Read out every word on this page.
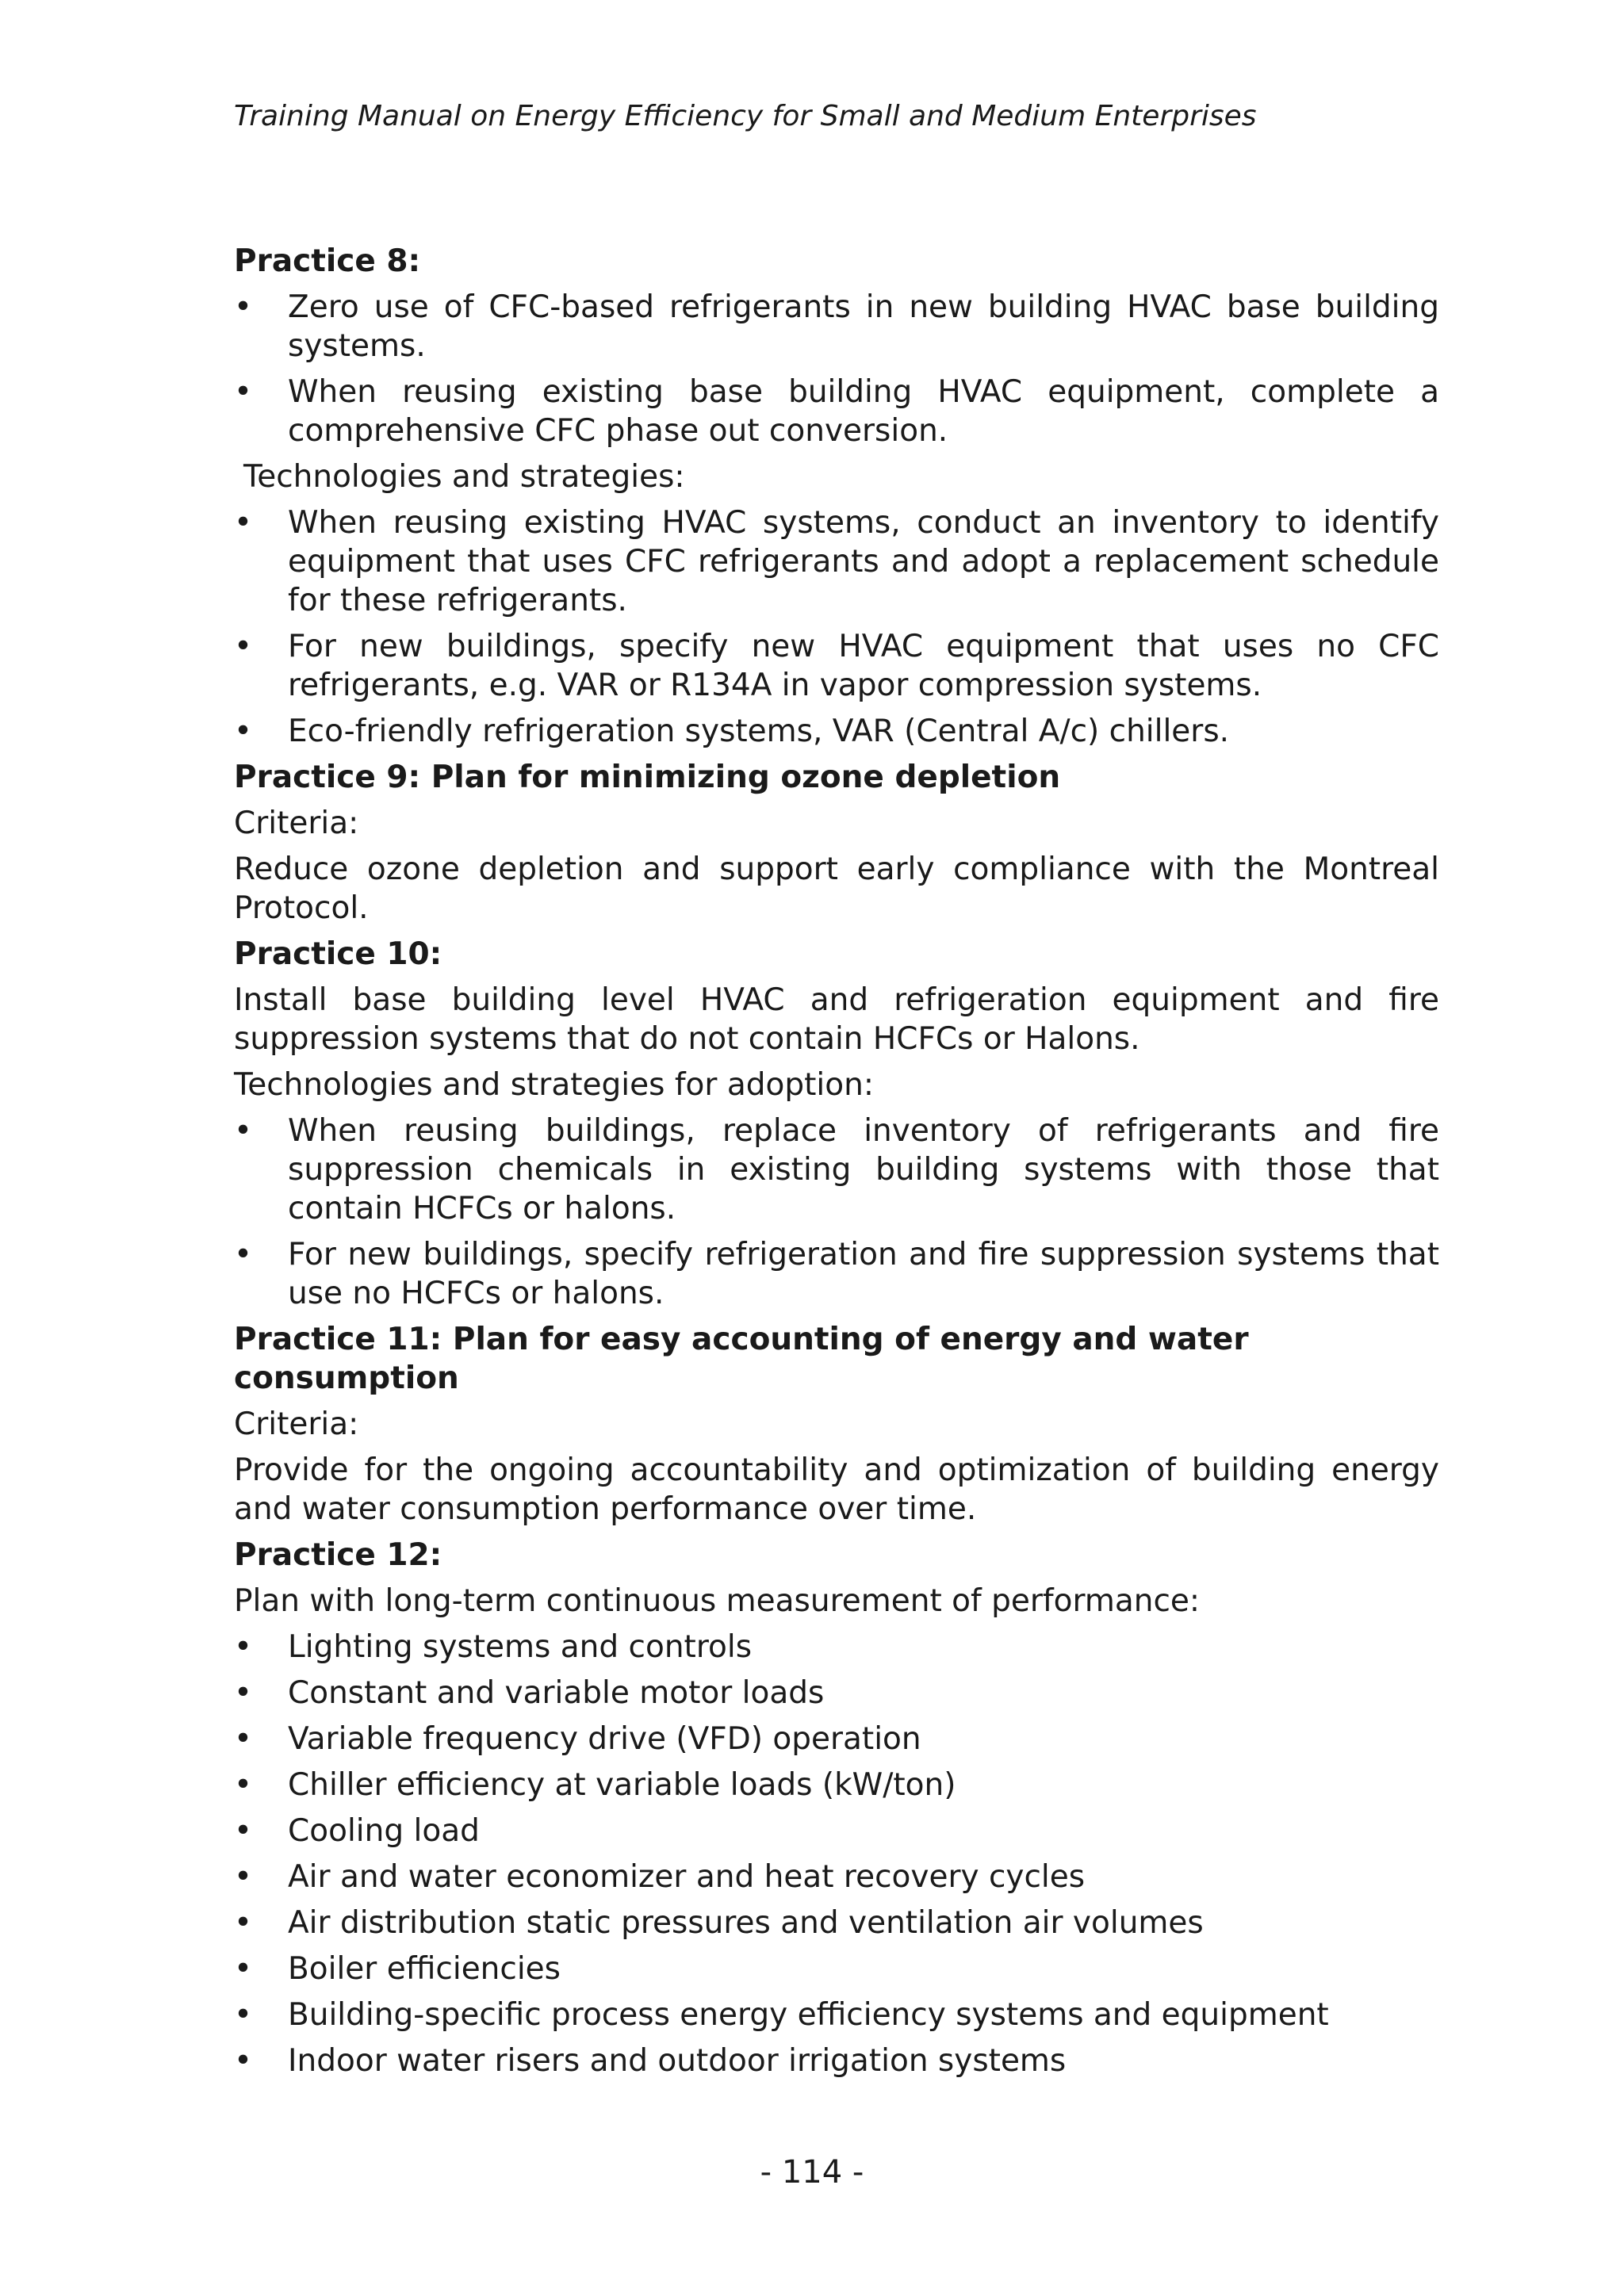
Training Manual on Energy Efficiency for Small and Medium Enterprises
Practice 8:
•	Zero use of CFC-based refrigerants in new building HVAC base building systems.
•	When reusing existing base building HVAC equipment, complete a comprehensive CFC phase out conversion.

Technologies and strategies:

•	When reusing existing HVAC systems, conduct an inventory to identify equipment that uses CFC refrigerants and adopt a replacement schedule for these refrigerants.
•	For new buildings, specify new HVAC equipment that uses no CFC refrigerants, e.g. VAR or R134A in vapor compression systems.
•	Eco-friendly refrigeration systems, VAR (Central A/c) chillers.
Practice 9: Plan for minimizing ozone depletion

Criteria:

Reduce ozone depletion and support early compliance with the Montreal Protocol.

Practice 10:

Install base building level HVAC and refrigeration equipment and fire suppression systems that do not contain HCFCs or Halons.

Technologies and strategies for adoption:

•	When reusing buildings, replace inventory of refrigerants and fire suppression chemicals in existing building systems with those that contain HCFCs or halons.
•	For new buildings, specify refrigeration and fire suppression systems that use no HCFCs or halons.
Practice 11: Plan for easy accounting of energy and water consumption

Criteria:

Provide for the ongoing accountability and optimization of building energy and water consumption performance over time.

Practice 12:

Plan with long-term continuous measurement of performance:

•	Lighting systems and controls
•	Constant and variable motor loads
•	Variable frequency drive (VFD) operation
•	Chiller efficiency at variable loads (kW/ton)
•	Cooling load
•	Air and water economizer and heat recovery cycles
•	Air distribution static pressures and ventilation air volumes
•	Boiler efficiencies
•	Building-specific process energy efficiency systems and equipment
•	Indoor water risers and outdoor irrigation systems
- 114 -
